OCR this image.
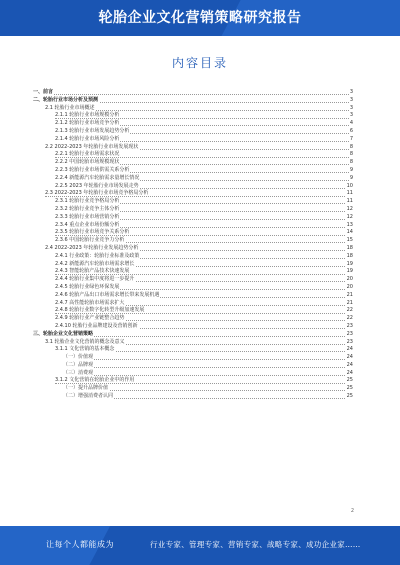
轮胎企业文化营销策略研究报告
内容目录
一、前言	3
二、轮胎行业市场分析及预测	3
2.1 轮胎行业市场概述	3
2.1.1 轮胎行业市场规模分析	3
2.1.2 轮胎行业市场竞争分析	4
2.1.3 轮胎行业市场发展趋势分析	6
2.1.4 轮胎行业市场风险分析	7
2.2 2022-2023 年轮胎行业市场发展现状	8
2.2.1 轮胎行业市场需求状况	8
2.2.2 中国轮胎市场规模现状	8
2.2.3 轮胎行业市场供需关系分析	9
2.2.4 新能源汽车轮胎需求量增长情况	9
2.2.5 2023 年轮胎行业市场发展走势	10
2.3 2022-2023 年轮胎行业市场竞争格局分析	11
2.3.1 轮胎行业竞争格局分析	11
2.3.2 轮胎行业竞争主体分析	12
2.3.3 轮胎行业市场营销分析	12
2.3.4 重点企业市场份额分析	13
2.3.5 轮胎行业市场竞争关系分析	14
2.3.6 中国轮胎行业竞争力分析	15
2.4 2022-2023 年轮胎行业发展趋势分析	18
2.4.1 行业政策：轮胎行业标准及政策	18
2.4.2 新能源汽车轮胎市场需求增长	19
2.4.3 智能轮胎产品技术快速发展	19
2.4.4 轮胎行业集中度将进一步提升	20
2.4.5 轮胎行业绿色环保发展	20
2.4.6 轮胎产品出口市场需求增长带来发展机遇	21
2.4.7 高性能轮胎市场需求扩大	21
2.4.8 轮胎行业数字化转型升级加速发展	22
2.4.9 轮胎行业产业链整合趋势	22
2.4.10 轮胎行业品牌建设及营销创新	23
三、轮胎企业文化营销策略	23
3.1 轮胎企业文化营销的概念及意义	23
3.1.1 文化营销的基本概念	24
（一）价值观	24
（二）品牌观	24
（三）消费观	24
3.1.2 文化营销在轮胎企业中的作用	25
（一）提升品牌价值	25
（二）增强消费者认同	25
2
让每个人都能成为	行业专家、管理专家、营销专家、战略专家、成功企业家……
